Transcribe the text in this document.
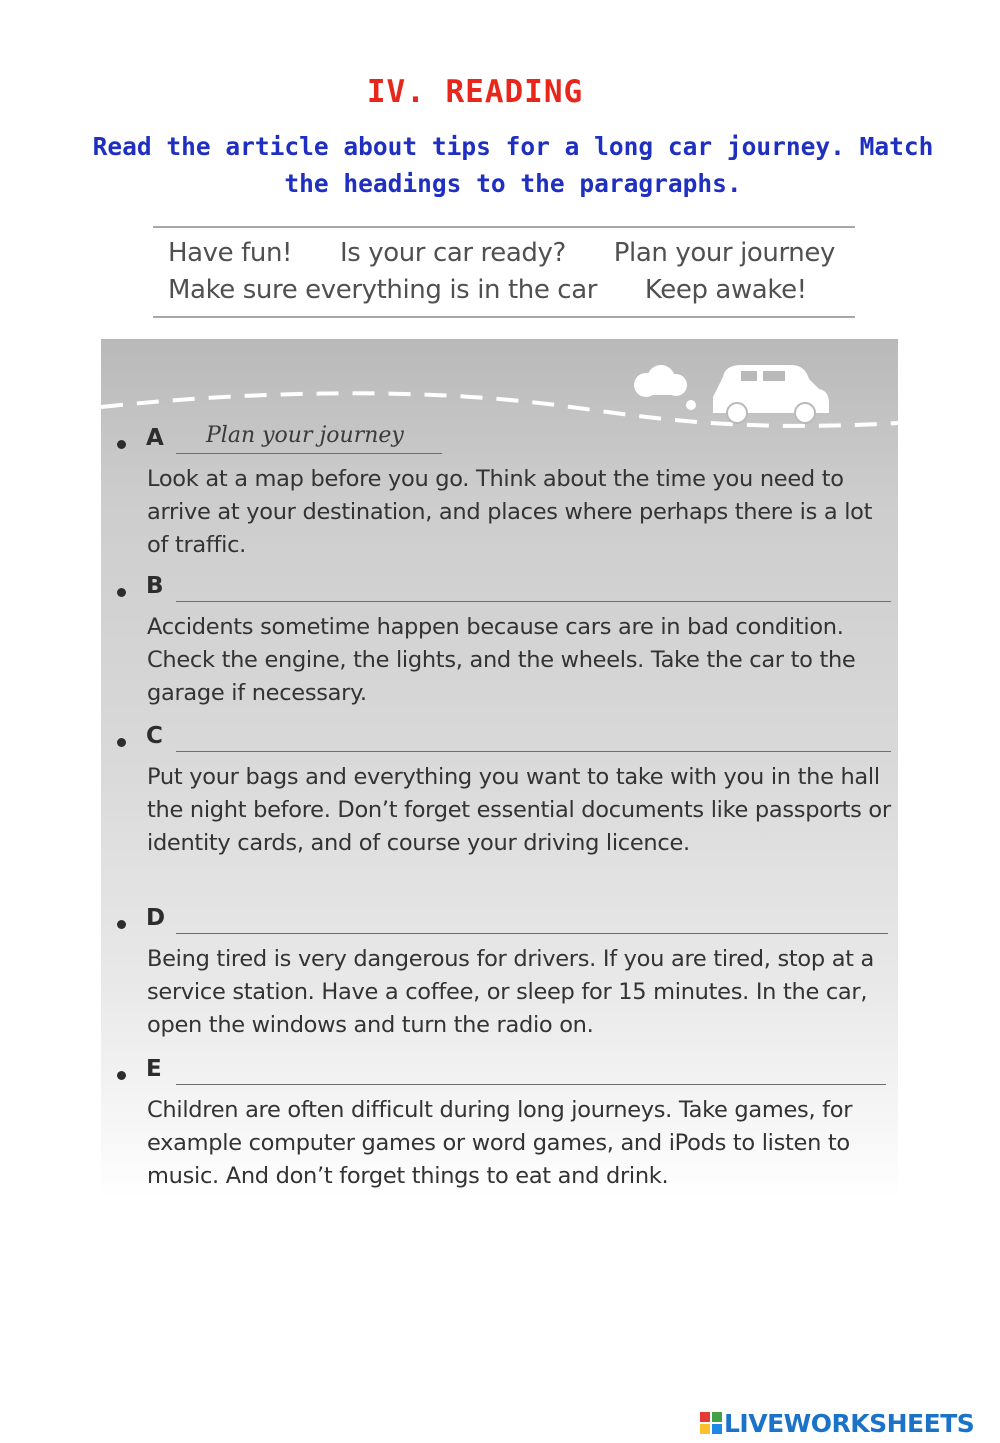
IV. READING
Read the article about tips for a long car journey. Match the headings to the paragraphs.
Have fun! Is your car ready? Plan your journey
Make sure everything is in the car Keep awake!
A Plan your journey
Look at a map before you go. Think about the time you need to arrive at your destination, and places where perhaps there is a lot of traffic.
B
Accidents sometime happen because cars are in bad condition. Check the engine, the lights, and the wheels. Take the car to the garage if necessary.
C
Put your bags and everything you want to take with you in the hall the night before. Don’t forget essential documents like passports or identity cards, and of course your driving licence.
D
Being tired is very dangerous for drivers. If you are tired, stop at a service station. Have a coffee, or sleep for 15 minutes. In the car, open the windows and turn the radio on.
E
Children are often difficult during long journeys. Take games, for example computer games or word games, and iPods to listen to music. And don’t forget things to eat and drink.
LIVEWORKSHEETS
